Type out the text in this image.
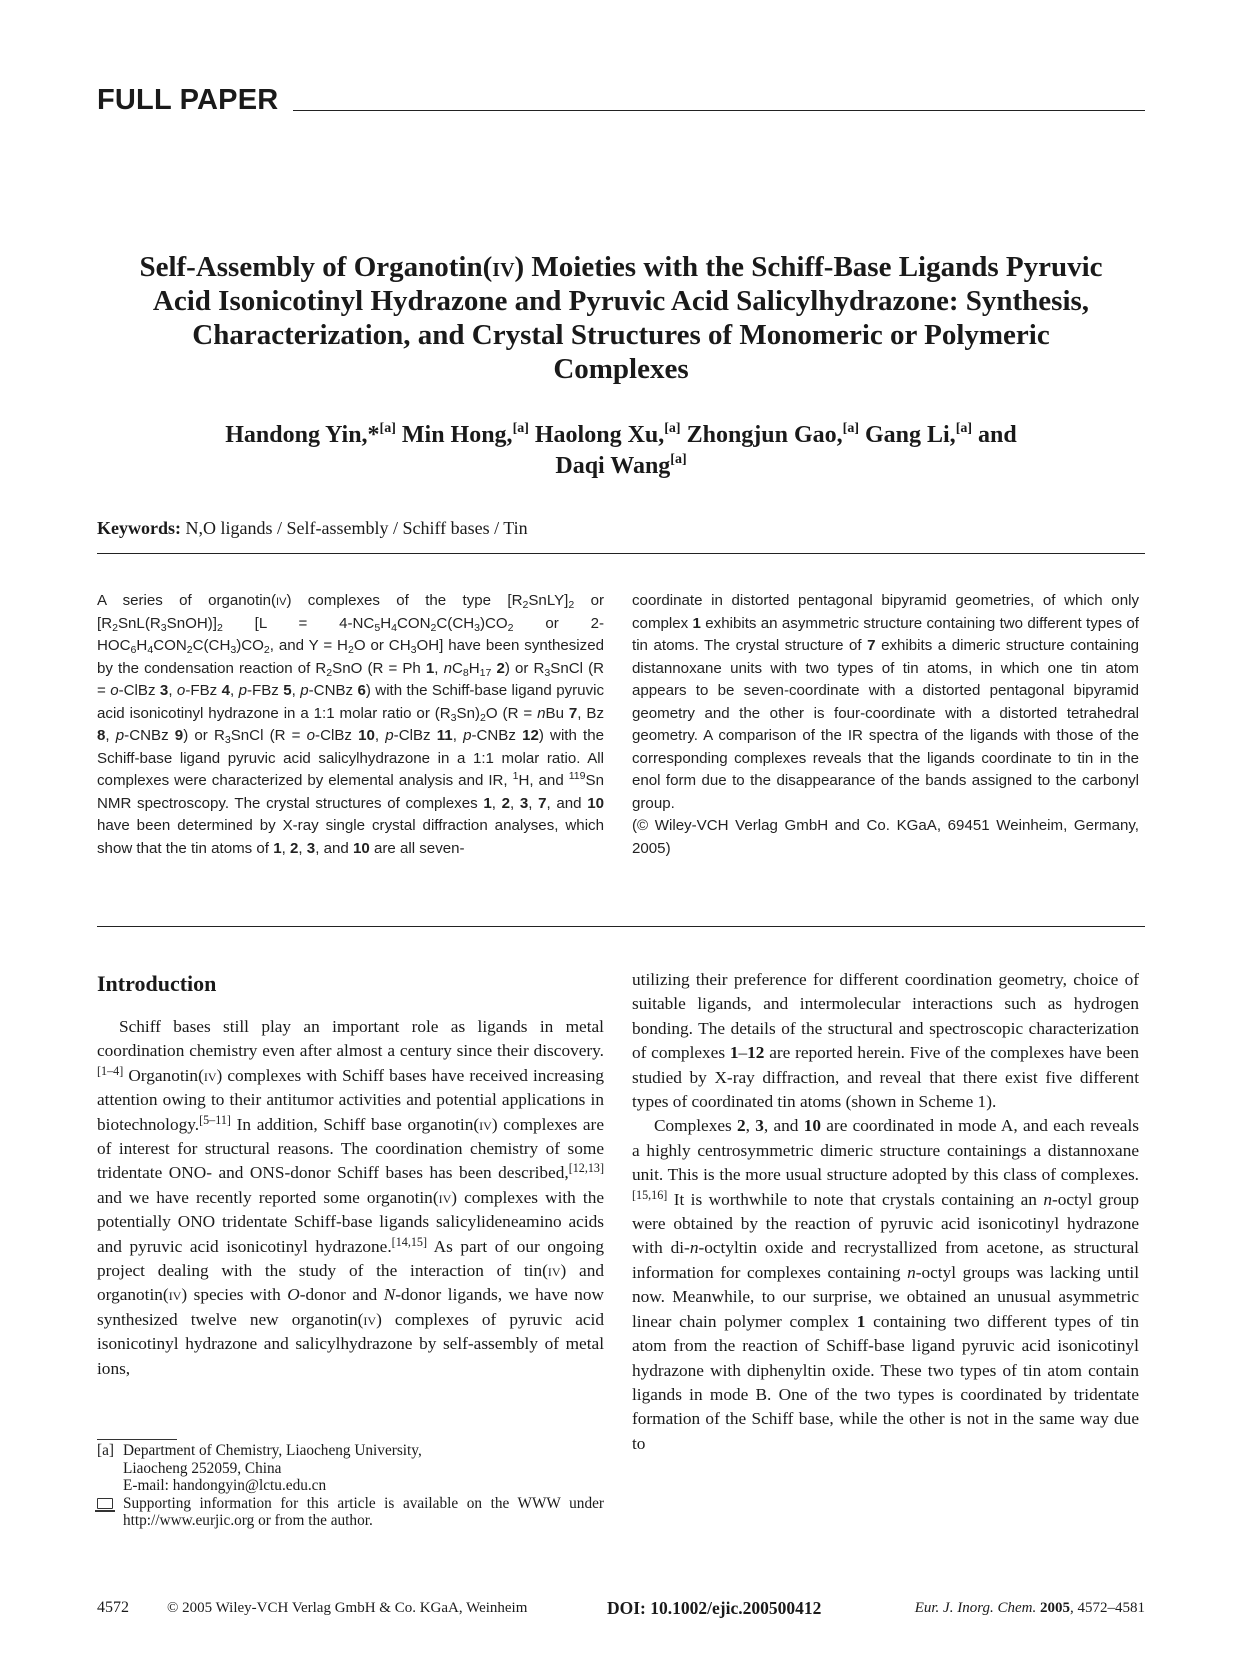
FULL PAPER
Self-Assembly of Organotin(iv) Moieties with the Schiff-Base Ligands Pyruvic
Acid Isonicotinyl Hydrazone and Pyruvic Acid Salicylhydrazone: Synthesis,
Characterization, and Crystal Structures of Monomeric or Polymeric
Complexes
Handong Yin,*[a] Min Hong,[a] Haolong Xu,[a] Zhongjun Gao,[a] Gang Li,[a] and
Daqi Wang[a]
Keywords: N,O ligands / Self-assembly / Schiff bases / Tin
A series of organotin(iv) complexes of the type $[R_2SnLY]_2$ or $[R_2SnL(R_3SnOH)]_2$ [$L = 4-NC_5H_4CON_2C(CH_3)CO_2$ or $2-HOC_6H_4CON_2C(CH_3)CO_2$, and $Y = H_2O$ or $CH_3OH$] have been synthesized by the condensation reaction of $R_2SnO$ (R = Ph 1, $nC_8H_{17}$ 2) or $R_3SnCl$ (R = o-ClBz 3, o-FBz 4, p-FBz 5, p-CNBz 6) with the Schiff-base ligand pyruvic acid isonicotinyl hydrazone in a 1:1 molar ratio or $(R_3Sn)_2O$ (R = nBu 7, Bz 8, p-CNBz 9) or $R_3SnCl$ (R = o-ClBz 10, p-ClBz 11, p-CNBz 12) with the Schiff-base ligand pyruvic acid salicylhydrazone in a 1:1 molar ratio. All complexes were characterized by elemental analysis and IR, $^1$H, and $^{119}$Sn NMR spectroscopy. The crystal structures of complexes 1, 2, 3, 7, and 10 have been determined by X-ray single crystal diffraction analyses, which show that the tin atoms of 1, 2, 3, and 10 are all seven-
coordinate in distorted pentagonal bipyramid geometries, of which only complex 1 exhibits an asymmetric structure containing two different types of tin atoms. The crystal structure of 7 exhibits a dimeric structure containing distannoxane units with two types of tin atoms, in which one tin atom appears to be seven-coordinate with a distorted pentagonal bipyramid geometry and the other is four-coordinate with a distorted tetrahedral geometry. A comparison of the IR spectra of the ligands with those of the corresponding complexes reveals that the ligands coordinate to tin in the enol form due to the disappearance of the bands assigned to the carbonyl group.
(© Wiley-VCH Verlag GmbH and Co. KGaA, 69451 Weinheim, Germany, 2005)
Introduction

Schiff bases still play an important role as ligands in metal coordination chemistry even after almost a century since their discovery.[1–4] Organotin(iv) complexes with Schiff bases have received increasing attention owing to their antitumor activities and potential applications in biotechnology.[5–11] In addition, Schiff base organotin(iv) complexes are of interest for structural reasons. The coordination chemistry of some tridentate ONO- and ONS-donor Schiff bases has been described,[12,13] and we have recently reported some organotin(iv) complexes with the potentially ONO tridentate Schiff-base ligands salicylideneamino acids and pyruvic acid isonicotinyl hydrazone.[14,15] As part of our ongoing project dealing with the study of the interaction of tin(iv) and organotin(iv) species with O-donor and N-donor ligands, we have now synthesized twelve new organotin(iv) complexes of pyruvic acid isonicotinyl hydrazone and salicylhydrazone by self-assembly of metal ions,

utilizing their preference for different coordination geometry, choice of suitable ligands, and intermolecular interactions such as hydrogen bonding. The details of the structural and spectroscopic characterization of complexes 1–12 are reported herein. Five of the complexes have been studied by X-ray diffraction, and reveal that there exist five different types of coordinated tin atoms (shown in Scheme 1).

Complexes 2, 3, and 10 are coordinated in mode A, and each reveals a highly centrosymmetric dimeric structure containings a distannoxane unit. This is the more usual structure adopted by this class of complexes.[15,16] It is worthwhile to note that crystals containing an n-octyl group were obtained by the reaction of pyruvic acid isonicotinyl hydrazone with di-n-octyltin oxide and recrystallized from acetone, as structural information for complexes containing n-octyl groups was lacking until now. Meanwhile, to our surprise, we obtained an unusual asymmetric linear chain polymer complex 1 containing two different types of tin atom from the reaction of Schiff-base ligand pyruvic acid isonicotinyl hydrazone with diphenyltin oxide. These two types of tin atom contain ligands in mode B. One of the two types is coordinated by tridentate formation of the Schiff base, while the other is not in the same way due to

[a] Department of Chemistry, Liaocheng University,
Liaocheng 252059, China
E-mail: handongyin@lctu.edu.cn
Supporting information for this article is available on the WWW under http://www.eurjic.org or from the author.
4572	© 2005 Wiley-VCH Verlag GmbH & Co. KGaA, Weinheim	DOI: 10.1002/ejic.200500412	Eur. J. Inorg. Chem. 2005, 4572–4581
